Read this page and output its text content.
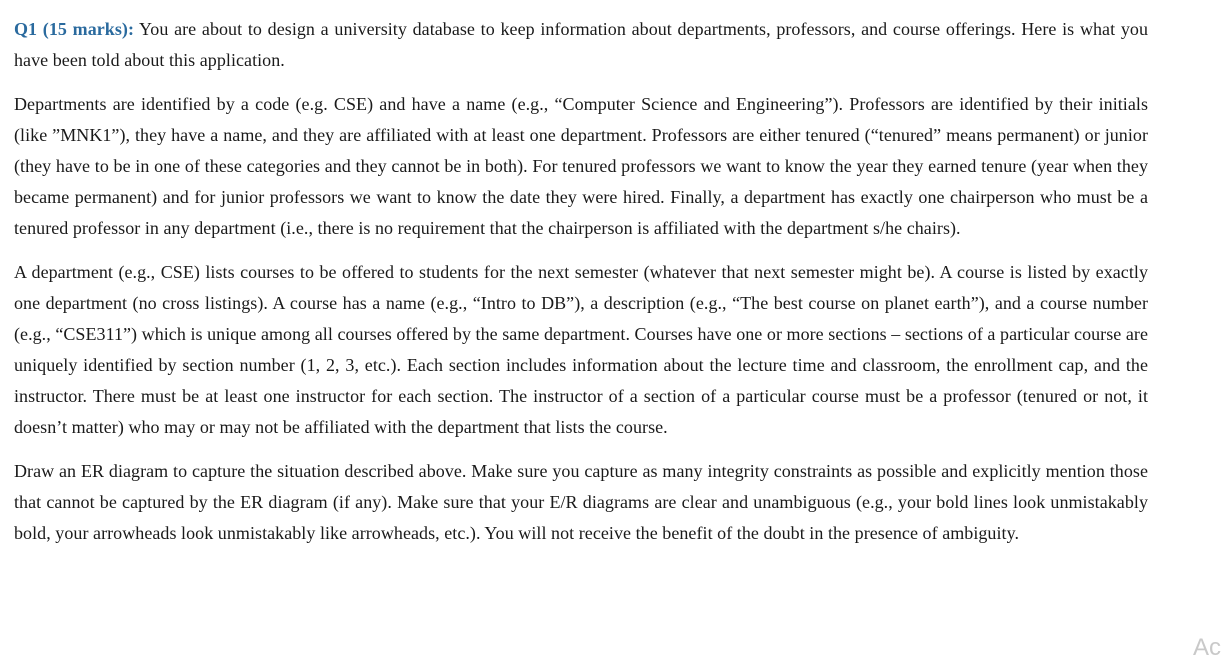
Q1 (15 marks): You are about to design a university database to keep information about departments, professors, and course offerings. Here is what you have been told about this application.

Departments are identified by a code (e.g. CSE) and have a name (e.g., “Computer Science and Engineering”). Professors are identified by their initials (like ”MNK1”), they have a name, and they are affiliated with at least one department. Professors are either tenured (“tenured” means permanent) or junior (they have to be in one of these categories and they cannot be in both). For tenured professors we want to know the year they earned tenure (year when they became permanent) and for junior professors we want to know the date they were hired. Finally, a department has exactly one chairperson who must be a tenured professor in any department (i.e., there is no requirement that the chairperson is affiliated with the department s/he chairs).

A department (e.g., CSE) lists courses to be offered to students for the next semester (whatever that next semester might be). A course is listed by exactly one department (no cross listings). A course has a name (e.g., “Intro to DB”), a description (e.g., “The best course on planet earth”), and a course number (e.g., “CSE311”) which is unique among all courses offered by the same department. Courses have one or more sections – sections of a particular course are uniquely identified by section number (1, 2, 3, etc.). Each section includes information about the lecture time and classroom, the enrollment cap, and the instructor. There must be at least one instructor for each section. The instructor of a section of a particular course must be a professor (tenured or not, it doesn’t matter) who may or may not be affiliated with the department that lists the course.

Draw an ER diagram to capture the situation described above. Make sure you capture as many integrity constraints as possible and explicitly mention those that cannot be captured by the ER diagram (if any). Make sure that your E/R diagrams are clear and unambiguous (e.g., your bold lines look unmistakably bold, your arrowheads look unmistakably like arrowheads, etc.). You will not receive the benefit of the doubt in the presence of ambiguity.

Ac
